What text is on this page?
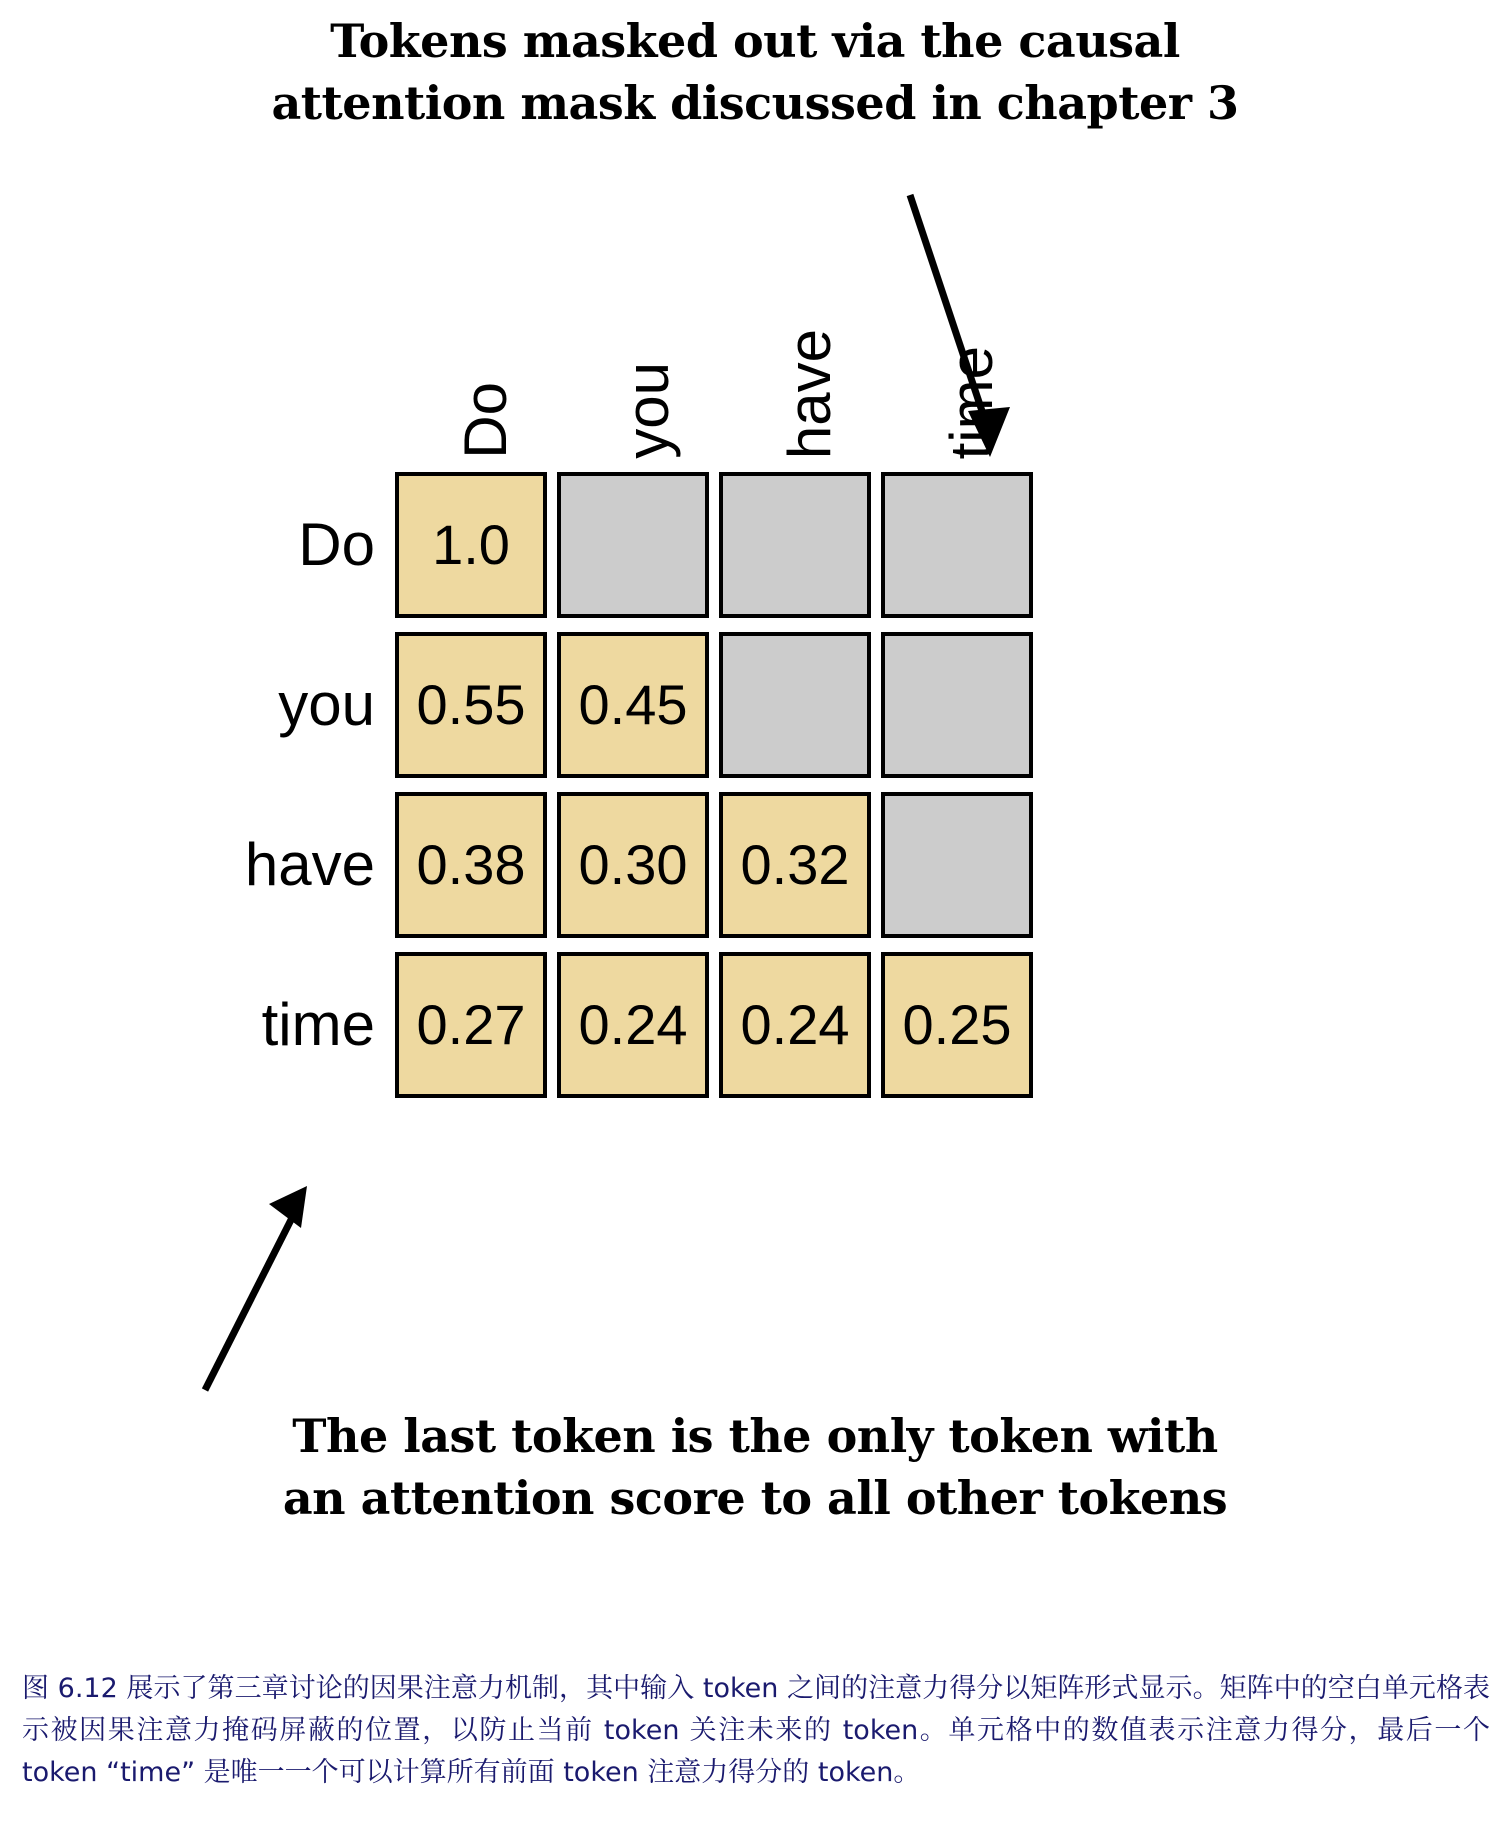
Tokens masked out via the causal
attention mask discussed in chapter 3
Do you have time
Do	1.0
you 0.55 0.45
have 0.38 0.30 0.32
time 0.27 0.24 0.24 0.25
The last token is the only token with
an attention score to all other tokens
图 6.12 展示了第三章讨论的因果注意力机制，其中输入 token 之间的注意力得分以矩阵形式显示。矩阵中的空白单元格表示被因果注意力掩码屏蔽的位置，以防止当前 token 关注未来的 token。单元格中的数值表示注意力得分，最后一个 token “time” 是唯一一个可以计算所有前面 token 注意力得分的 token。
